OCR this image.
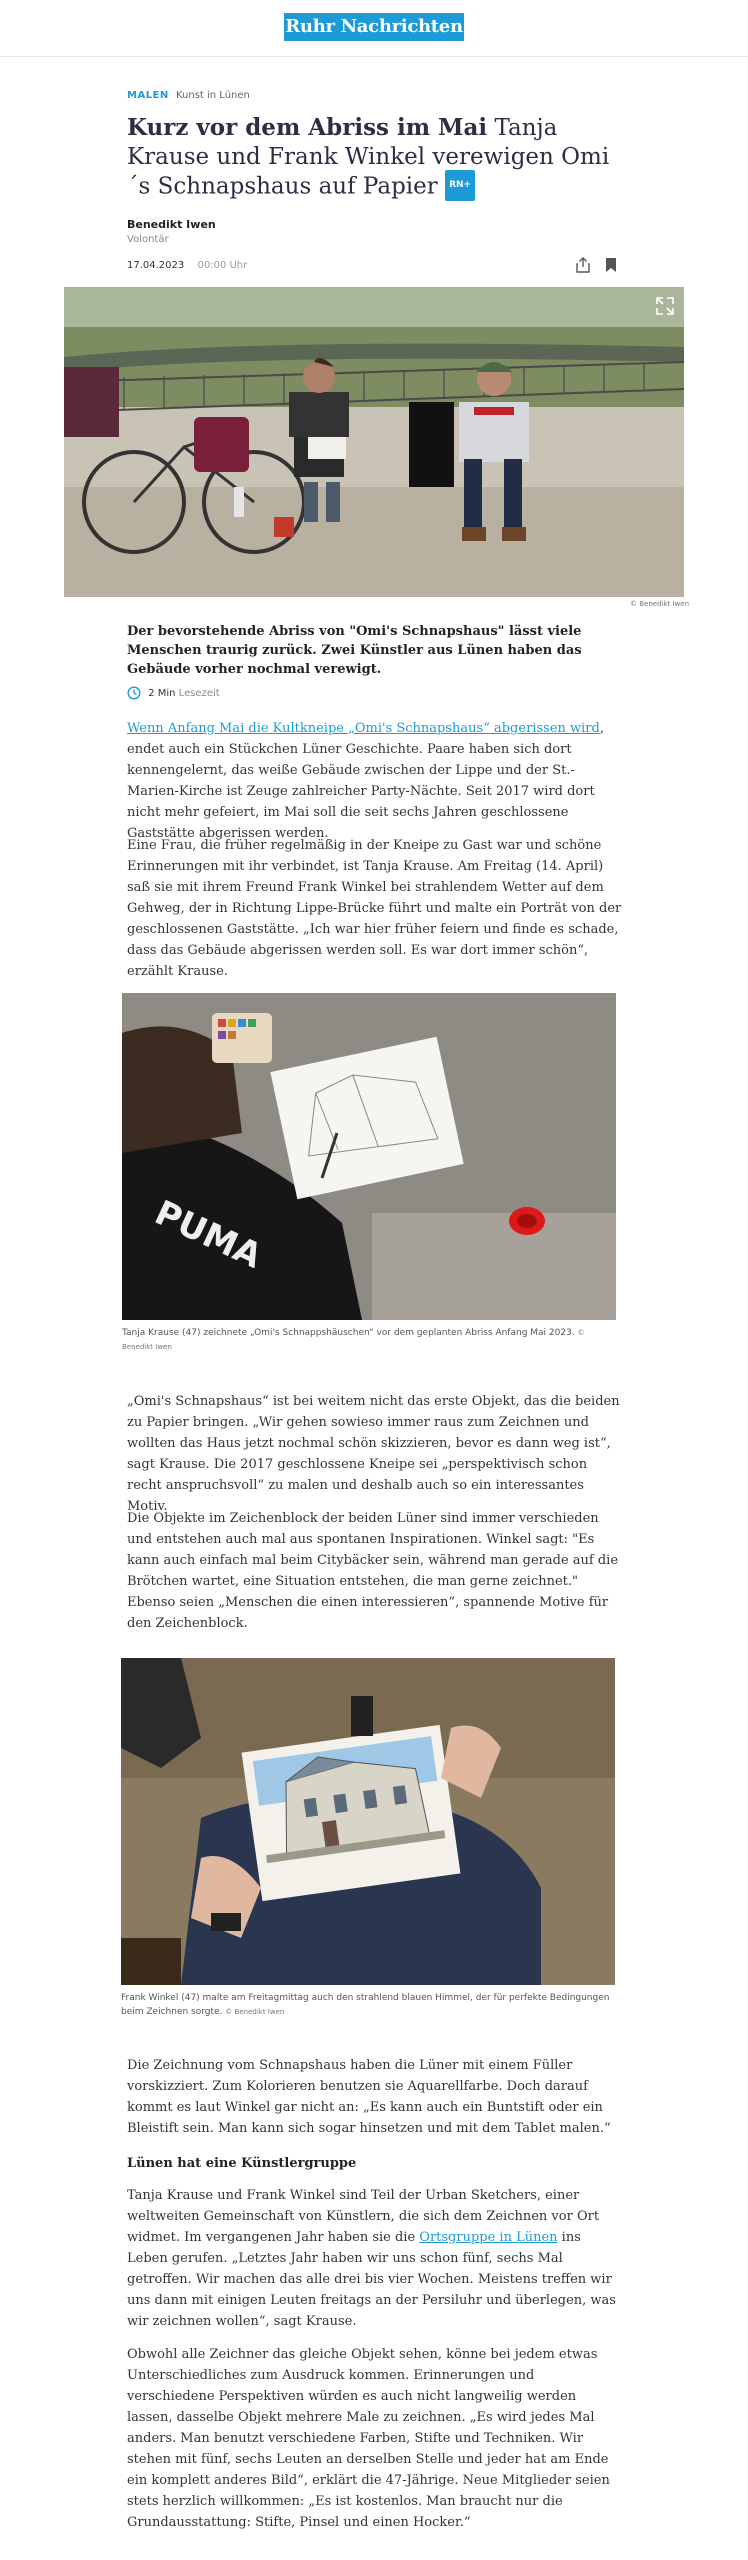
Ruhr Nachrichten
MALEN Kunst in Lünen
Kurz vor dem Abriss im Mai Tanja Krause und Frank Winkel verewigen Omi´s Schnapshaus auf Papier RN+
Benedikt Iwen
Volontär
17.04.2023 00:00 Uhr
© Benedikt Iwen

Der bevorstehende Abriss von "Omi's Schnapshaus" lässt viele Menschen traurig zurück. Zwei Künstler aus Lünen haben das Gebäude vorher nochmal verewigt.

2 Min Lesezeit

Wenn Anfang Mai die Kultkneipe „Omi's Schnapshaus“ abgerissen wird, endet auch ein Stückchen Lüner Geschichte. Paare haben sich dort kennengelernt, das weiße Gebäude zwischen der Lippe und der St.-Marien-Kirche ist Zeuge zahlreicher Party-Nächte. Seit 2017 wird dort nicht mehr gefeiert, im Mai soll die seit sechs Jahren geschlossene Gaststätte abgerissen werden.

Eine Frau, die früher regelmäßig in der Kneipe zu Gast war und schöne Erinnerungen mit ihr verbindet, ist Tanja Krause. Am Freitag (14. April) saß sie mit ihrem Freund Frank Winkel bei strahlendem Wetter auf dem Gehweg, der in Richtung Lippe-Brücke führt und malte ein Porträt von der geschlossenen Gaststätte. „Ich war hier früher feiern und finde es schade, dass das Gebäude abgerissen werden soll. Es war dort immer schön“, erzählt Krause.

PUMA
Tanja Krause (47) zeichnete „Omi's Schnappshäuschen“ vor dem geplanten Abriss Anfang Mai 2023. © Benedikt Iwen

„Omi's Schnapshaus“ ist bei weitem nicht das erste Objekt, das die beiden zu Papier bringen. „Wir gehen sowieso immer raus zum Zeichnen und wollten das Haus jetzt nochmal schön skizzieren, bevor es dann weg ist“, sagt Krause. Die 2017 geschlossene Kneipe sei „perspektivisch schon recht anspruchsvoll“ zu malen und deshalb auch so ein interessantes Motiv.

Die Objekte im Zeichenblock der beiden Lüner sind immer verschieden und entstehen auch mal aus spontanen Inspirationen. Winkel sagt: "Es kann auch einfach mal beim Citybäcker sein, während man gerade auf die Brötchen wartet, eine Situation entstehen, die man gerne zeichnet." Ebenso seien „Menschen die einen interessieren“, spannende Motive für den Zeichenblock.

Frank Winkel (47) malte am Freitagmittag auch den strahlend blauen Himmel, der für perfekte Bedingungen beim Zeichnen sorgte. © Benedikt Iwen

Die Zeichnung vom Schnapshaus haben die Lüner mit einem Füller vorskizziert. Zum Kolorieren benutzen sie Aquarellfarbe. Doch darauf kommt es laut Winkel gar nicht an: „Es kann auch ein Buntstift oder ein Bleistift sein. Man kann sich sogar hinsetzen und mit dem Tablet malen.“

Lünen hat eine Künstlergruppe

Tanja Krause und Frank Winkel sind Teil der Urban Sketchers, einer weltweiten Gemeinschaft von Künstlern, die sich dem Zeichnen vor Ort widmet. Im vergangenen Jahr haben sie die Ortsgruppe in Lünen ins Leben gerufen. „Letztes Jahr haben wir uns schon fünf, sechs Mal getroffen. Wir machen das alle drei bis vier Wochen. Meistens treffen wir uns dann mit einigen Leuten freitags an der Persiluhr und überlegen, was wir zeichnen wollen“, sagt Krause.

Obwohl alle Zeichner das gleiche Objekt sehen, könne bei jedem etwas Unterschiedliches zum Ausdruck kommen. Erinnerungen und verschiedene Perspektiven würden es auch nicht langweilig werden lassen, dasselbe Objekt mehrere Male zu zeichnen. „Es wird jedes Mal anders. Man benutzt verschiedene Farben, Stifte und Techniken. Wir stehen mit fünf, sechs Leuten an derselben Stelle und jeder hat am Ende ein komplett anderes Bild“, erklärt die 47-Jährige. Neue Mitglieder seien stets herzlich willkommen: „Es ist kostenlos. Man braucht nur die Grundausstattung: Stifte, Pinsel und einen Hocker.“
